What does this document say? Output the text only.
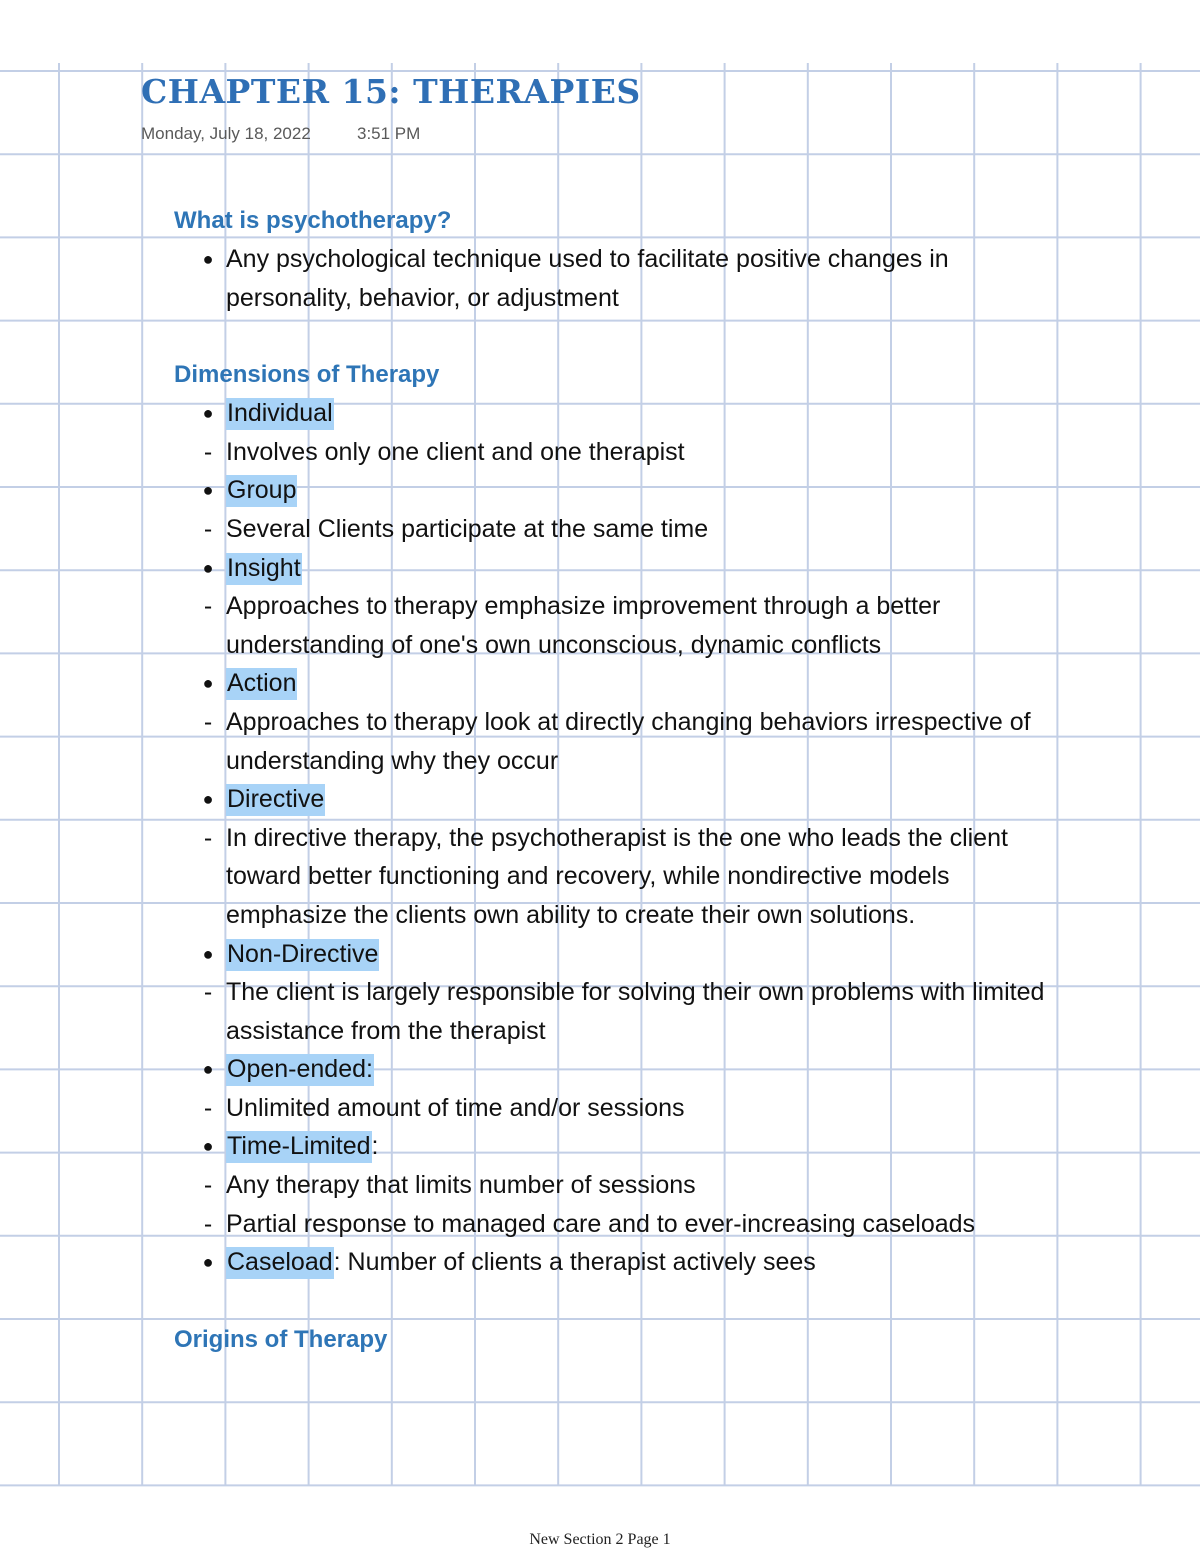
CHAPTER 15: THERAPIES
Monday, July 18, 2022	3:51 PM
What is psychotherapy?
● Any psychological technique used to facilitate positive changes in personality, behavior, or adjustment
Dimensions of Therapy
● Individual
- Involves only one client and one therapist
● Group
- Several Clients participate at the same time
● Insight
- Approaches to therapy emphasize improvement through a better understanding of one's own unconscious, dynamic conflicts
● Action
- Approaches to therapy look at directly changing behaviors irrespective of understanding why they occur
● Directive
- In directive therapy, the psychotherapist is the one who leads the client toward better functioning and recovery, while nondirective models emphasize the clients own ability to create their own solutions.
● Non-Directive
- The client is largely responsible for solving their own problems with limited assistance from the therapist
● Open-ended:
- Unlimited amount of time and/or sessions
● Time-Limited:
- Any therapy that limits number of sessions
- Partial response to managed care and to ever-increasing caseloads
● Caseload: Number of clients a therapist actively sees
Origins of Therapy
New Section 2 Page 1
